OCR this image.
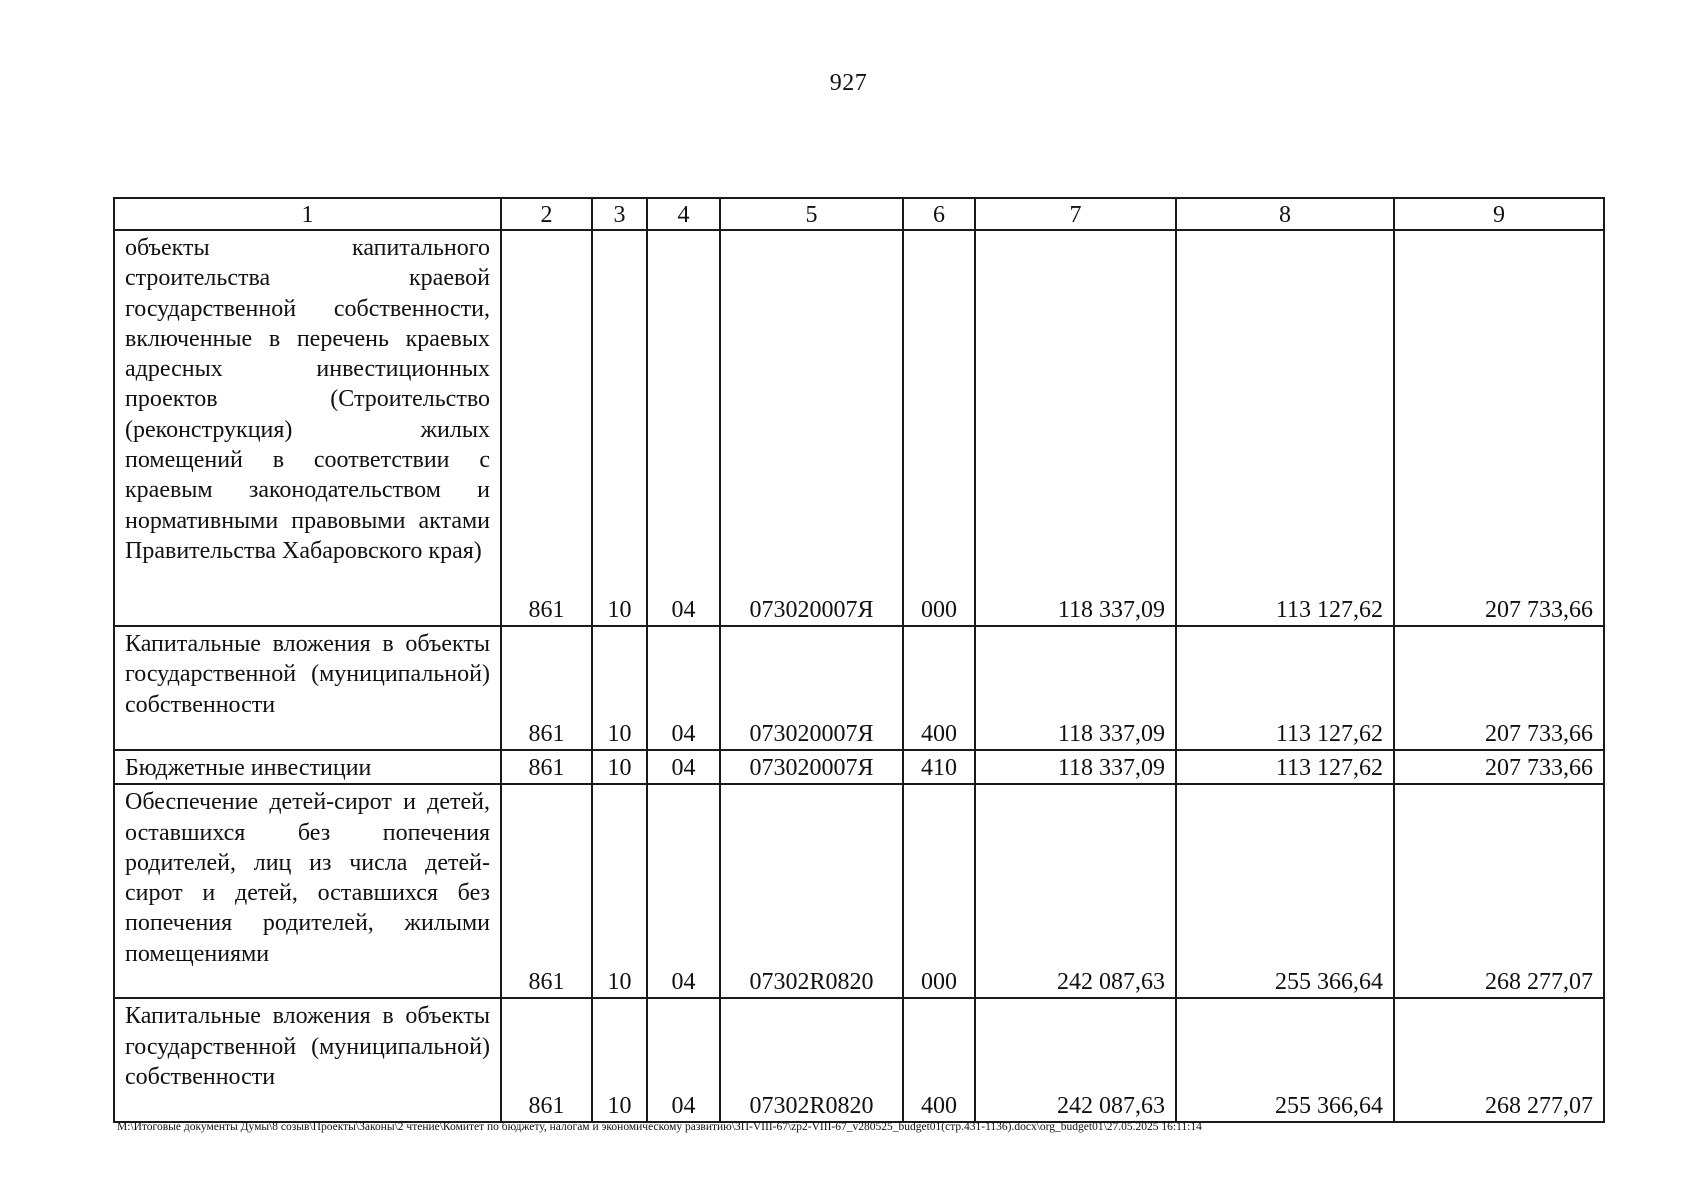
927
1	2	3	4	5	6	7	8	9
объекты капитального строительства краевой государственной собственности, включенные в перечень краевых адресных инвестиционных проектов (Строительство (реконструкция) жилых помещений в соответствии с краевым законодательством и нормативными правовыми актами Правительства Хабаровского края)	861	10	04	073020007Я	000	118 337,09	113 127,62	207 733,66
Капитальные вложения в объекты государственной (муниципальной) собственности	861	10	04	073020007Я	400	118 337,09	113 127,62	207 733,66
Бюджетные инвестиции	861	10	04	073020007Я	410	118 337,09	113 127,62	207 733,66
Обеспечение детей-сирот и детей, оставшихся без попечения родителей, лиц из числа детей-сирот и детей, оставшихся без попечения родителей, жилыми помещениями	861	10	04	07302R0820	000	242 087,63	255 366,64	268 277,07
Капитальные вложения в объекты государственной (муниципальной) собственности	861	10	04	07302R0820	400	242 087,63	255 366,64	268 277,07
М:\Итоговые документы Думы\8 созыв\Проекты\Законы\2 чтение\Комитет по бюджету, налогам и экономическому развитию\ЗП-VIII-67\zp2-VIII-67_v280525_budget01(стр.431-1136).docx\org_budget01\27.05.2025 16:11:14
